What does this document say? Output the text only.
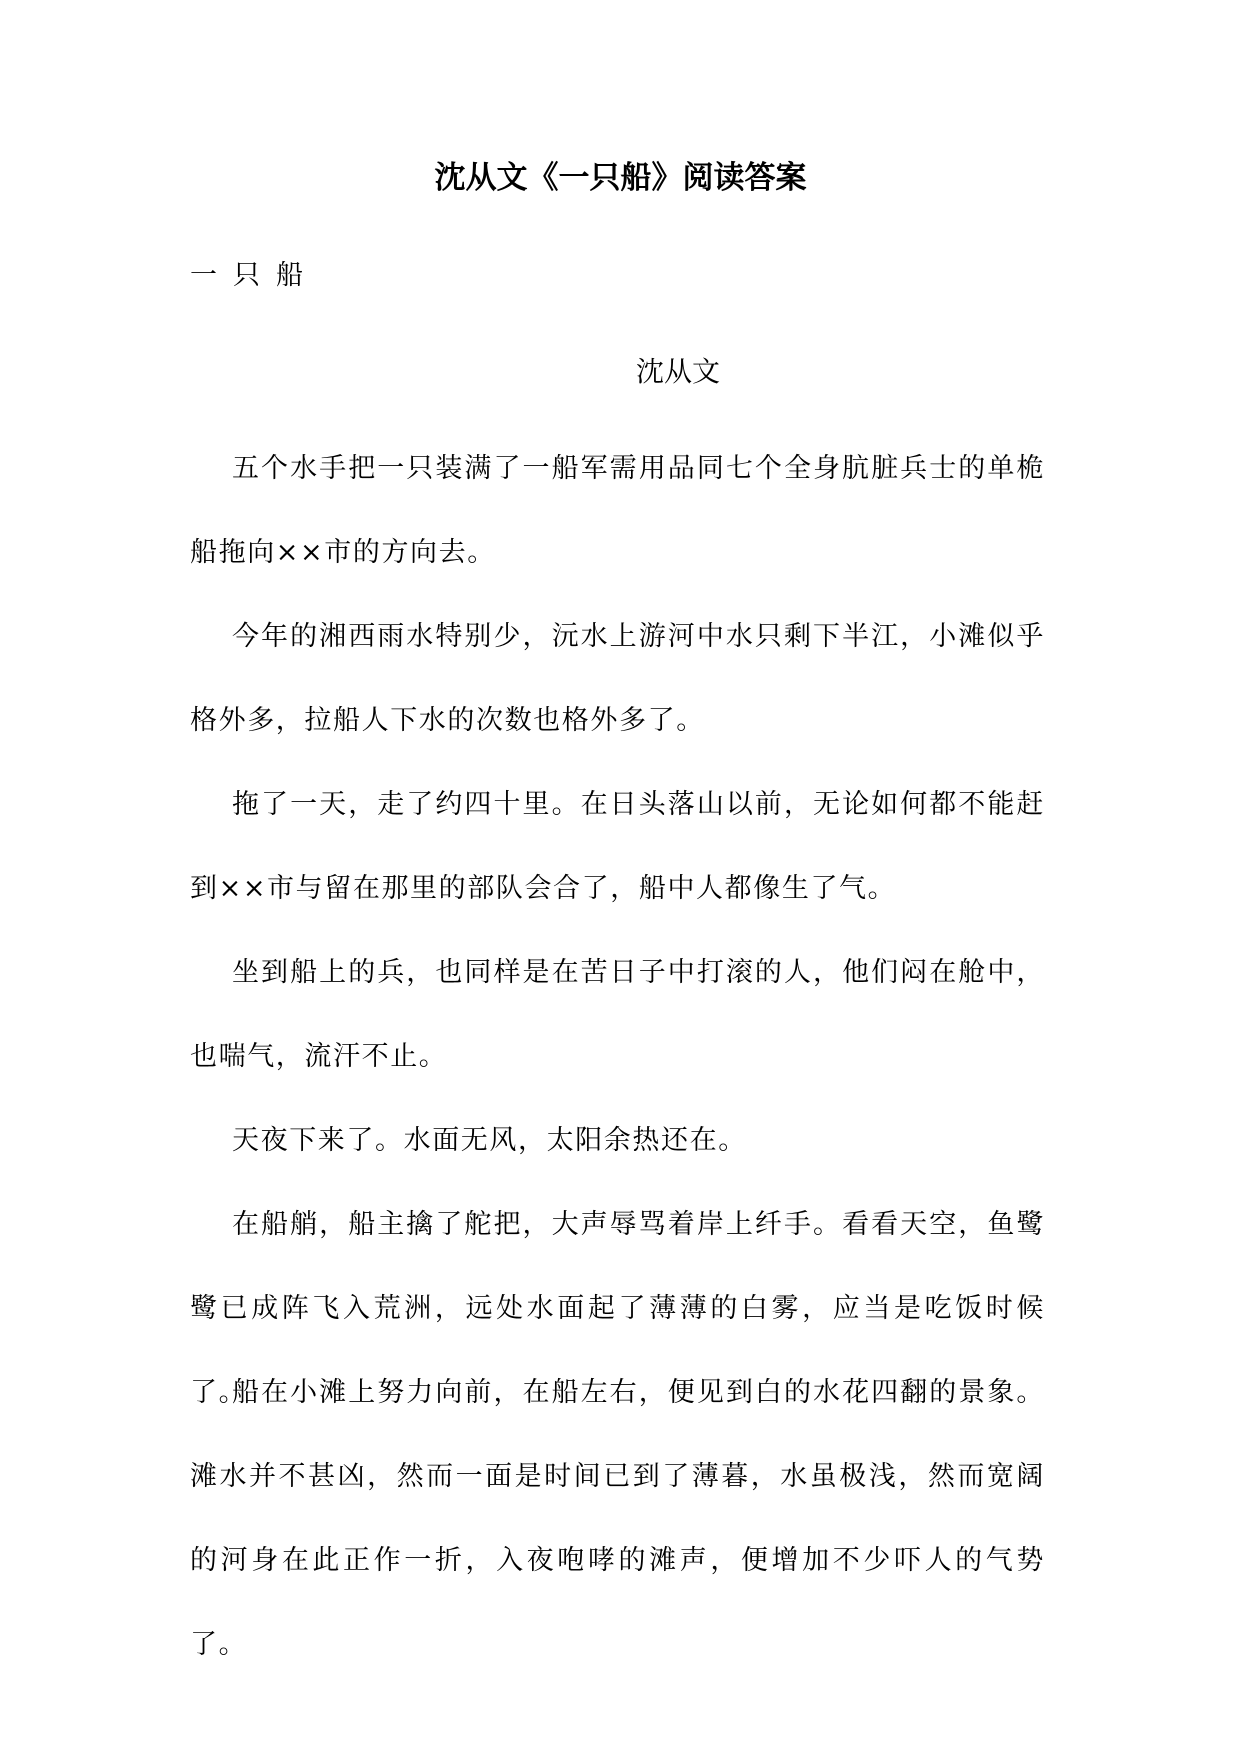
沈从文《一只船》阅读答案
一只船
沈从文

五个水手把一只装满了一船军需用品同七个全身肮脏兵士的单桅船拖向××市的方向去。

今年的湘西雨水特别少，沅水上游河中水只剩下半江，小滩似乎格外多，拉船人下水的次数也格外多了。

拖了一天，走了约四十里。在日头落山以前，无论如何都不能赶到××市与留在那里的部队会合了，船中人都像生了气。

坐到船上的兵，也同样是在苦日子中打滚的人，他们闷在舱中，也喘气，流汗不止。

天夜下来了。水面无风，太阳余热还在。

在船艄，船主擒了舵把，大声辱骂着岸上纤手。看看天空，鱼鹭鹭已成阵飞入荒洲，远处水面起了薄薄的白雾，应当是吃饭时候了。

船在小滩上努力向前，在船左右，便见到白的水花四翻的景象。滩水并不甚凶，然而一面是时间已到了薄暮，水虽极浅，然而宽阔的河身在此正作一折，入夜咆哮的滩声，便增加不少吓人的气势了。
